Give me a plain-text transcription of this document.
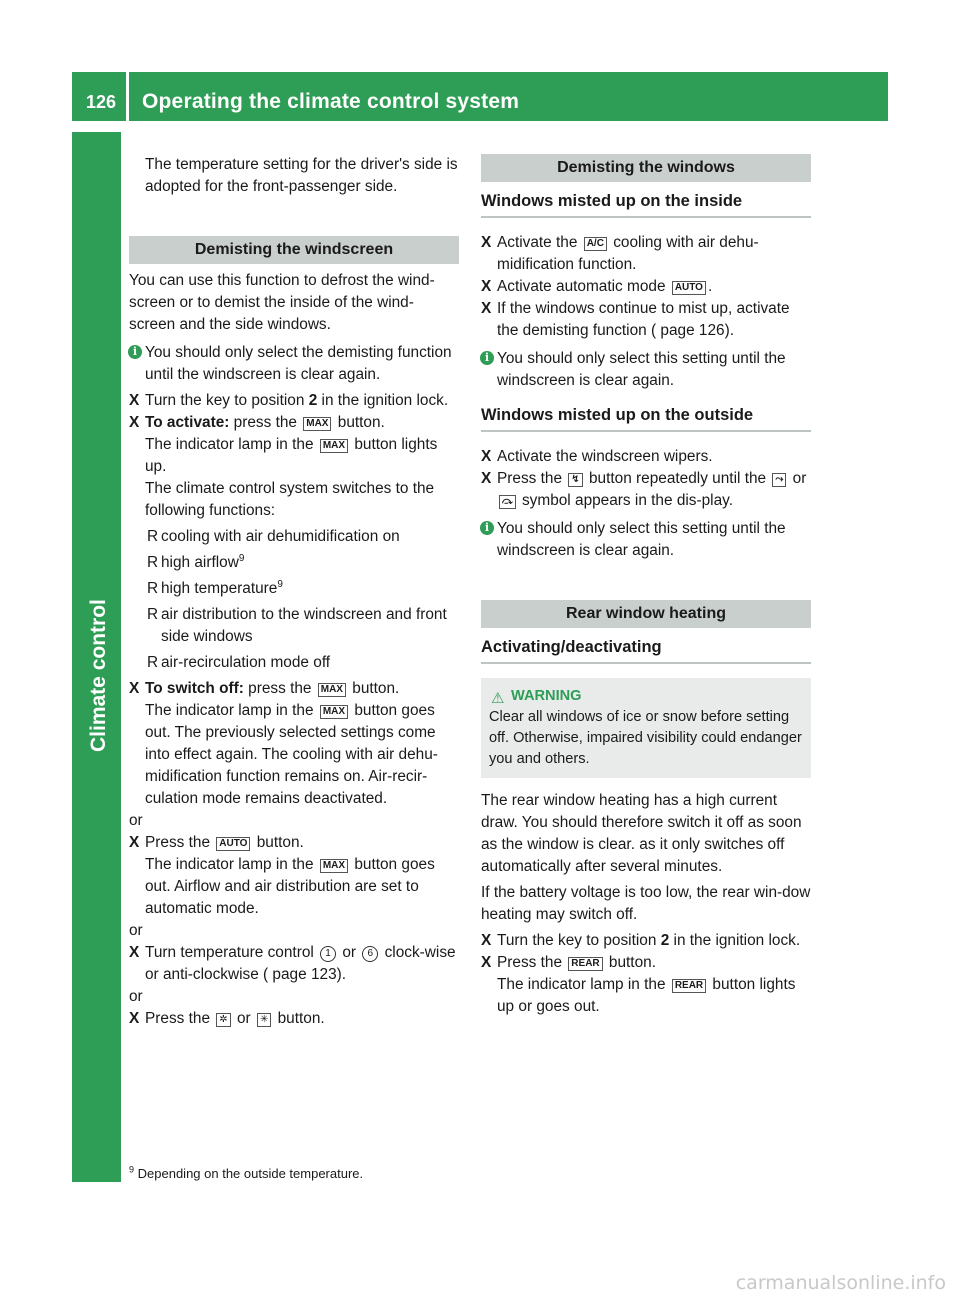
126 Operating the climate control system
Climate control

The temperature setting for the driver's side is adopted for the front-passenger side.

Demisting the windscreen

You can use this function to defrost the wind-screen or to demist the inside of the wind-screen and the side windows.

i You should only select the demisting function until the windscreen is clear again.
X Turn the key to position 2 in the ignition lock.
X To activate: press the MAX button.
The indicator lamp in the MAX button lights up.
The climate control system switches to the following functions:
R cooling with air dehumidification on
R high airflow$^9$
R high temperature$^9$
R air distribution to the windscreen and front side windows
R air-recirculation mode off
X To switch off: press the MAX button.
The indicator lamp in the MAX button goes out. The previously selected settings come into effect again. The cooling with air dehu-midification function remains on. Air-recir-culation mode remains deactivated.

or

X Press the AUTO button.
The indicator lamp in the MAX button goes out. Airflow and air distribution are set to automatic mode.

or

X Turn temperature control 1 or 6 clock-wise or anti-clockwise ( page 123).

or

X Press the ✲ or ✳ button.
Demisting the windows
Windows misted up on the inside
X Activate the A/C cooling with air dehu-midification function.
X Activate automatic mode AUTO .
X If the windows continue to mist up, activate the demisting function ( page 126).
i You should only select this setting until the windscreen is clear again.
Windows misted up on the outside
X Activate the windscreen wipers.
X Press the ↯ button repeatedly until the ⤳ or ⤼ symbol appears in the dis-play.
i You should only select this setting until the windscreen is clear again.
Rear window heating
Activating/deactivating
⚠ WARNING
Clear all windows of ice or snow before setting off. Otherwise, impaired visibility could endanger you and others.

The rear window heating has a high current draw. You should therefore switch it off as soon as the window is clear. as it only switches off automatically after several minutes.

If the battery voltage is too low, the rear win-dow heating may switch off.

X Turn the key to position 2 in the ignition lock.
X Press the REAR button.
The indicator lamp in the REAR button lights up or goes out.
$^9$ Depending on the outside temperature.
carmanualsonline.info
